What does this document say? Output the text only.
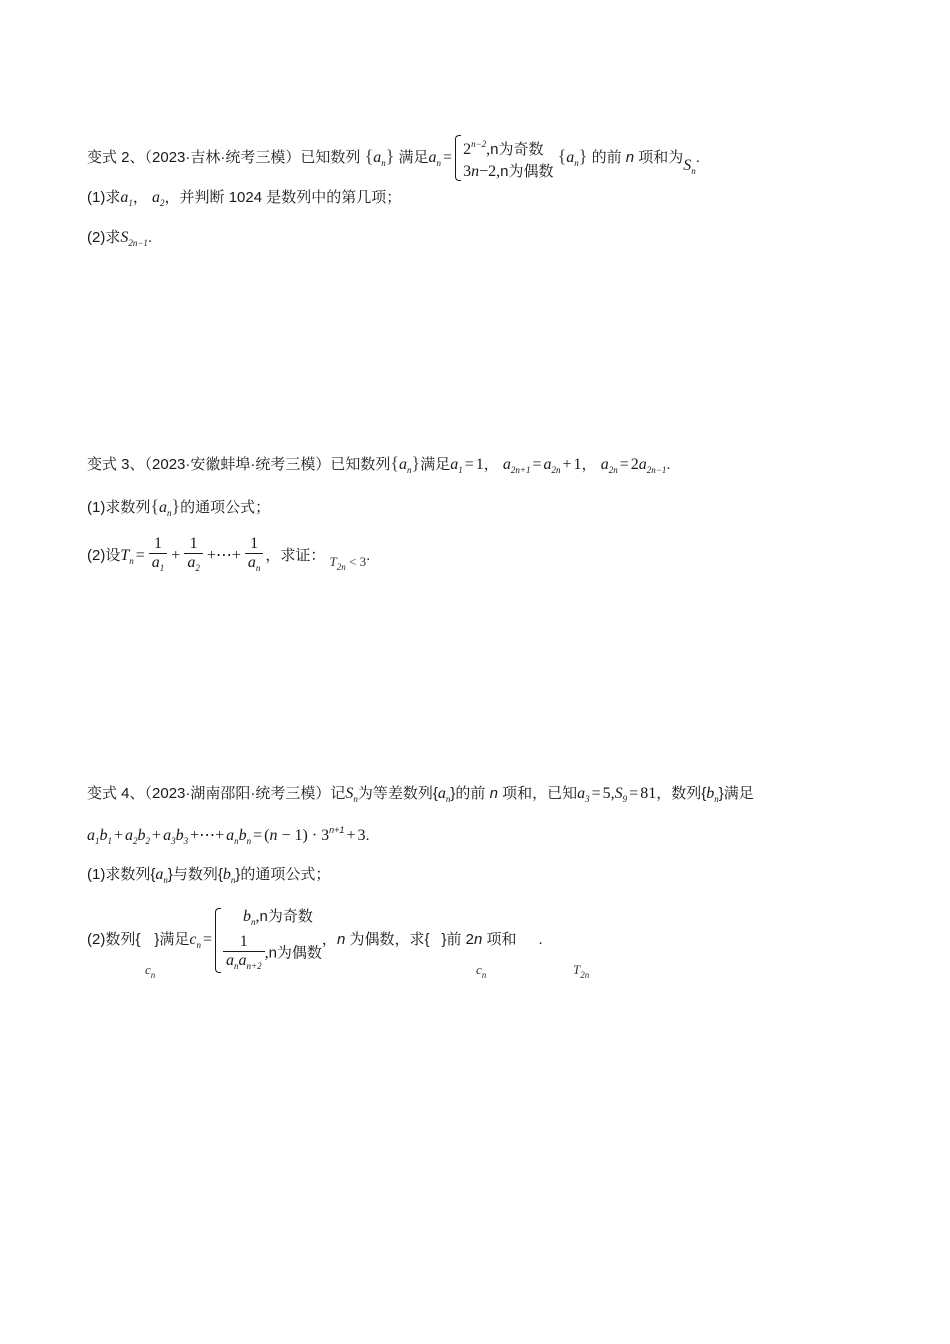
变式 2、（2023·吉林·统考三模）已知数列 $\{a_n\}$ 满足$a_n = 2^{n-2},n$为奇数
3n−2,n为偶数
$\{a_n\}$ 的前 n 项和为$S_n$.
(1)求$a_1$， $a_2$，并判断 1024 是数列中的第几项；
(2)求$S_{2n-1}$.
变式 3、（2023·安徽蚌埠·统考三模）已知数列$\{a_n\}$满足$a_1 = 1$， $a_{2n+1} = a_{2n} + 1$， $a_{2n} = 2a_{2n-1}$.
(1)求数列$\{a_n\}$的通项公式；
(2)设$T_n = \frac{1}{a_1} + \frac{1}{a_2}$ +⋯+ $\frac{1}{a_n}$ ，求证： $T_{2n} < 3$.
变式 4、（2023·湖南邵阳·统考三模）记$S_n$为等差数列$\{a_n\}$的前 n 项和，已知$a_3 = 5,S_9 = 81$，数列$\{b_n\}$满足
$a_1b_1 + a_2b_2 + a_3b_3$ +⋯+ $a_nb_n = (n - 1) \cdot 3^{n+1} + 3$.
(1)求数列$\{a_n\}$与数列$\{b_n\}$的通项公式；
(2)数列{ }满足$c_n$ =
$b_n,n$为奇数
$\frac{1}{a_na_{n+2}} ,n$为偶数
，n 为偶数，求{ }前 2n 项和 .
$c_n$	$c_n$	$T_{2n}$
